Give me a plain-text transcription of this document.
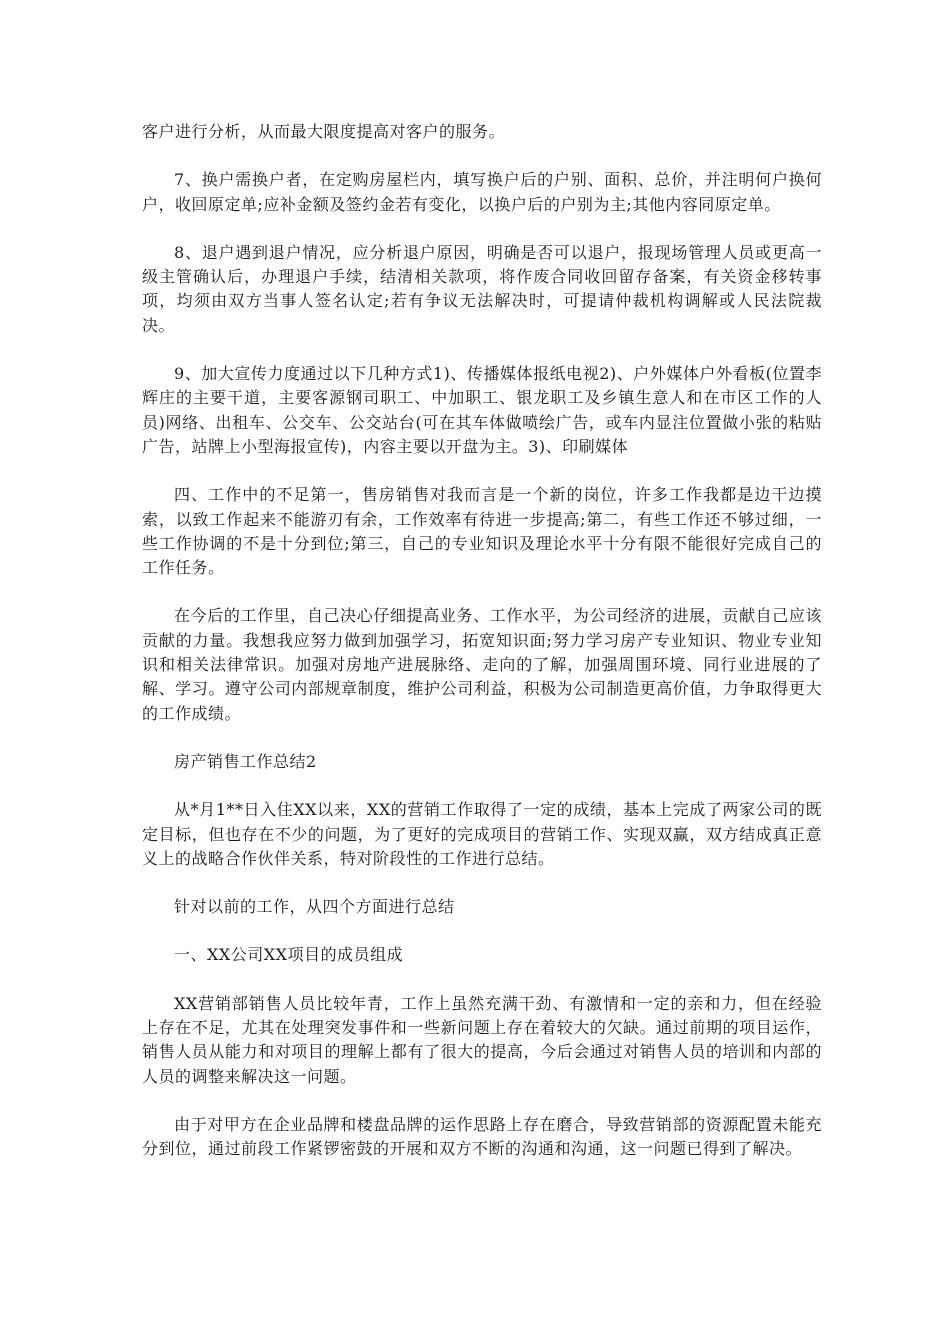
客户进行分析，从而最大限度提高对客户的服务。

7、换户需换户者，在定购房屋栏内，填写换户后的户别、面积、总价，并注明何户换何户，收回原定单;应补金额及签约金若有变化，以换户后的户别为主;其他内容同原定单。

8、退户遇到退户情况，应分析退户原因，明确是否可以退户，报现场管理人员或更高一级主管确认后，办理退户手续，结清相关款项，将作废合同收回留存备案，有关资金移转事项，均须由双方当事人签名认定;若有争议无法解决时，可提请仲裁机构调解或人民法院裁决。

9、加大宣传力度通过以下几种方式1)、传播媒体报纸电视2)、户外媒体户外看板(位置李辉庄的主要干道，主要客源钢司职工、中加职工、银龙职工及乡镇生意人和在市区工作的人员)网络、出租车、公交车、公交站台(可在其车体做喷绘广告，或车内显注位置做小张的粘贴广告，站牌上小型海报宣传)，内容主要以开盘为主。3)、印刷媒体

四、工作中的不足第一，售房销售对我而言是一个新的岗位，许多工作我都是边干边摸索，以致工作起来不能游刃有余，工作效率有待进一步提高;第二，有些工作还不够过细，一些工作协调的不是十分到位;第三，自己的专业知识及理论水平十分有限不能很好完成自己的工作任务。

在今后的工作里，自己决心仔细提高业务、工作水平，为公司经济的进展，贡献自己应该贡献的力量。我想我应努力做到加强学习，拓宽知识面;努力学习房产专业知识、物业专业知识和相关法律常识。加强对房地产进展脉络、走向的了解，加强周围环境、同行业进展的了解、学习。遵守公司内部规章制度，维护公司利益，积极为公司制造更高价值，力争取得更大的工作成绩。

房产销售工作总结2

从*月1**日入住XX以来，XX的营销工作取得了一定的成绩，基本上完成了两家公司的既定目标，但也存在不少的问题，为了更好的完成项目的营销工作、实现双赢，双方结成真正意义上的战略合作伙伴关系，特对阶段性的工作进行总结。

针对以前的工作，从四个方面进行总结

一、XX公司XX项目的成员组成

XX营销部销售人员比较年青，工作上虽然充满干劲、有激情和一定的亲和力，但在经验上存在不足，尤其在处理突发事件和一些新问题上存在着较大的欠缺。通过前期的项目运作，销售人员从能力和对项目的理解上都有了很大的提高，今后会通过对销售人员的培训和内部的人员的调整来解决这一问题。

由于对甲方在企业品牌和楼盘品牌的运作思路上存在磨合，导致营销部的资源配置未能充分到位，通过前段工作紧锣密鼓的开展和双方不断的沟通和沟通，这一问题已得到了解决。
